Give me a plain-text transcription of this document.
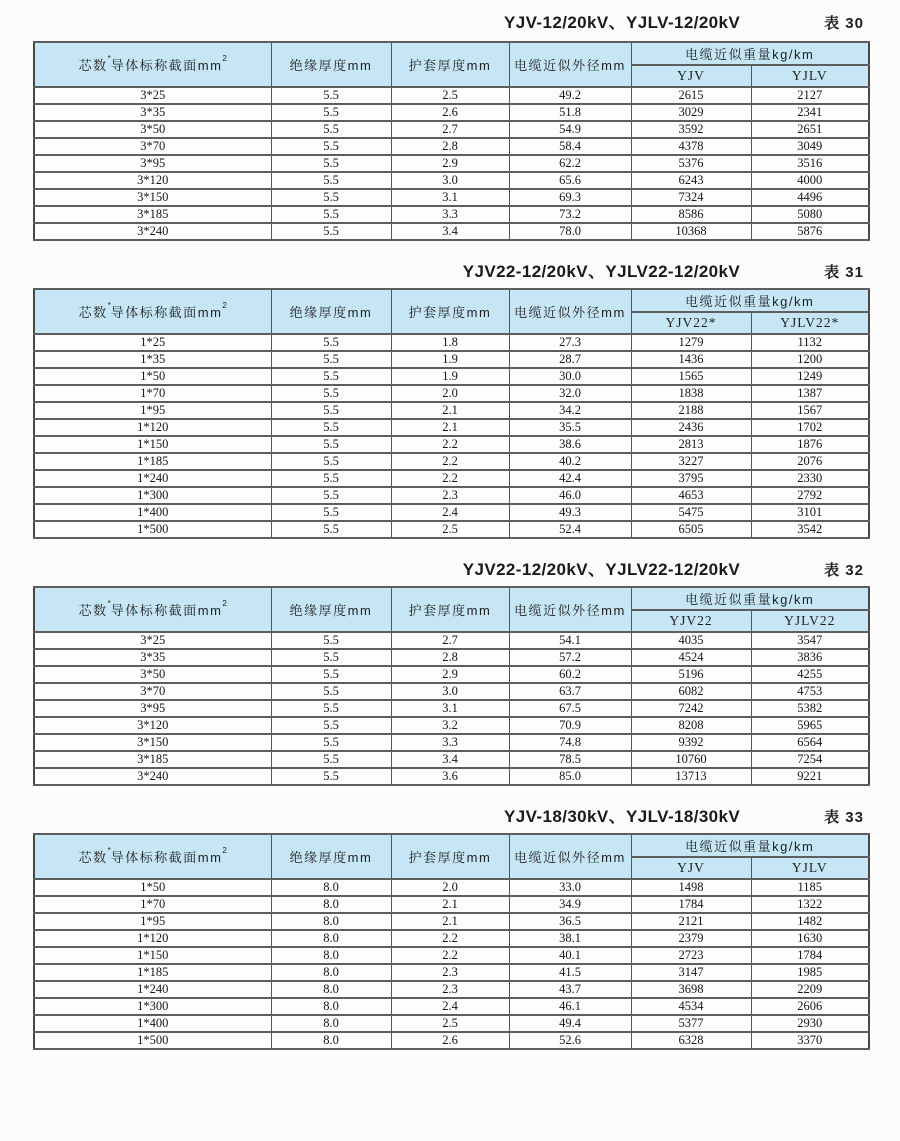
YJV-12/20kV、YJLV-12/20kV	表 30
芯数*导体标称截面$mm^2$	绝缘厚度mm	护套厚度mm	电缆近似外径mm	电缆近似重量kg/km	
				YJV	YJLV
3*25	5.5	2.5	49.2	2615	2127
3*35	5.5	2.6	51.8	3029	2341
3*50	5.5	2.7	54.9	3592	2651
3*70	5.5	2.8	58.4	4378	3049
3*95	5.5	2.9	62.2	5376	3516
3*120	5.5	3.0	65.6	6243	4000
3*150	5.5	3.1	69.3	7324	4496
3*185	5.5	3.3	73.2	8586	5080
3*240	5.5	3.4	78.0	10368	5876
YJV22-12/20kV、YJLV22-12/20kV	表 31
芯数*导体标称截面$mm^2$	绝缘厚度mm	护套厚度mm	电缆近似外径mm	电缆近似重量kg/km	
				YJV22*	YJLV22*
1*25	5.5	1.8	27.3	1279	1132
1*35	5.5	1.9	28.7	1436	1200
1*50	5.5	1.9	30.0	1565	1249
1*70	5.5	2.0	32.0	1838	1387
1*95	5.5	2.1	34.2	2188	1567
1*120	5.5	2.1	35.5	2436	1702
1*150	5.5	2.2	38.6	2813	1876
1*185	5.5	2.2	40.2	3227	2076
1*240	5.5	2.2	42.4	3795	2330
1*300	5.5	2.3	46.0	4653	2792
1*400	5.5	2.4	49.3	5475	3101
1*500	5.5	2.5	52.4	6505	3542
YJV22-12/20kV、YJLV22-12/20kV	表 32
芯数*导体标称截面$mm^2$	绝缘厚度mm	护套厚度mm	电缆近似外径mm	电缆近似重量kg/km	
				YJV22	YJLV22
3*25	5.5	2.7	54.1	4035	3547
3*35	5.5	2.8	57.2	4524	3836
3*50	5.5	2.9	60.2	5196	4255
3*70	5.5	3.0	63.7	6082	4753
3*95	5.5	3.1	67.5	7242	5382
3*120	5.5	3.2	70.9	8208	5965
3*150	5.5	3.3	74.8	9392	6564
3*185	5.5	3.4	78.5	10760	7254
3*240	5.5	3.6	85.0	13713	9221
YJV-18/30kV、YJLV-18/30kV	表 33
芯数*导体标称截面$mm^2$	绝缘厚度mm	护套厚度mm	电缆近似外径mm	电缆近似重量kg/km	
				YJV	YJLV
1*50	8.0	2.0	33.0	1498	1185
1*70	8.0	2.1	34.9	1784	1322
1*95	8.0	2.1	36.5	2121	1482
1*120	8.0	2.2	38.1	2379	1630
1*150	8.0	2.2	40.1	2723	1784
1*185	8.0	2.3	41.5	3147	1985
1*240	8.0	2.3	43.7	3698	2209
1*300	8.0	2.4	46.1	4534	2606
1*400	8.0	2.5	49.4	5377	2930
1*500	8.0	2.6	52.6	6328	3370
